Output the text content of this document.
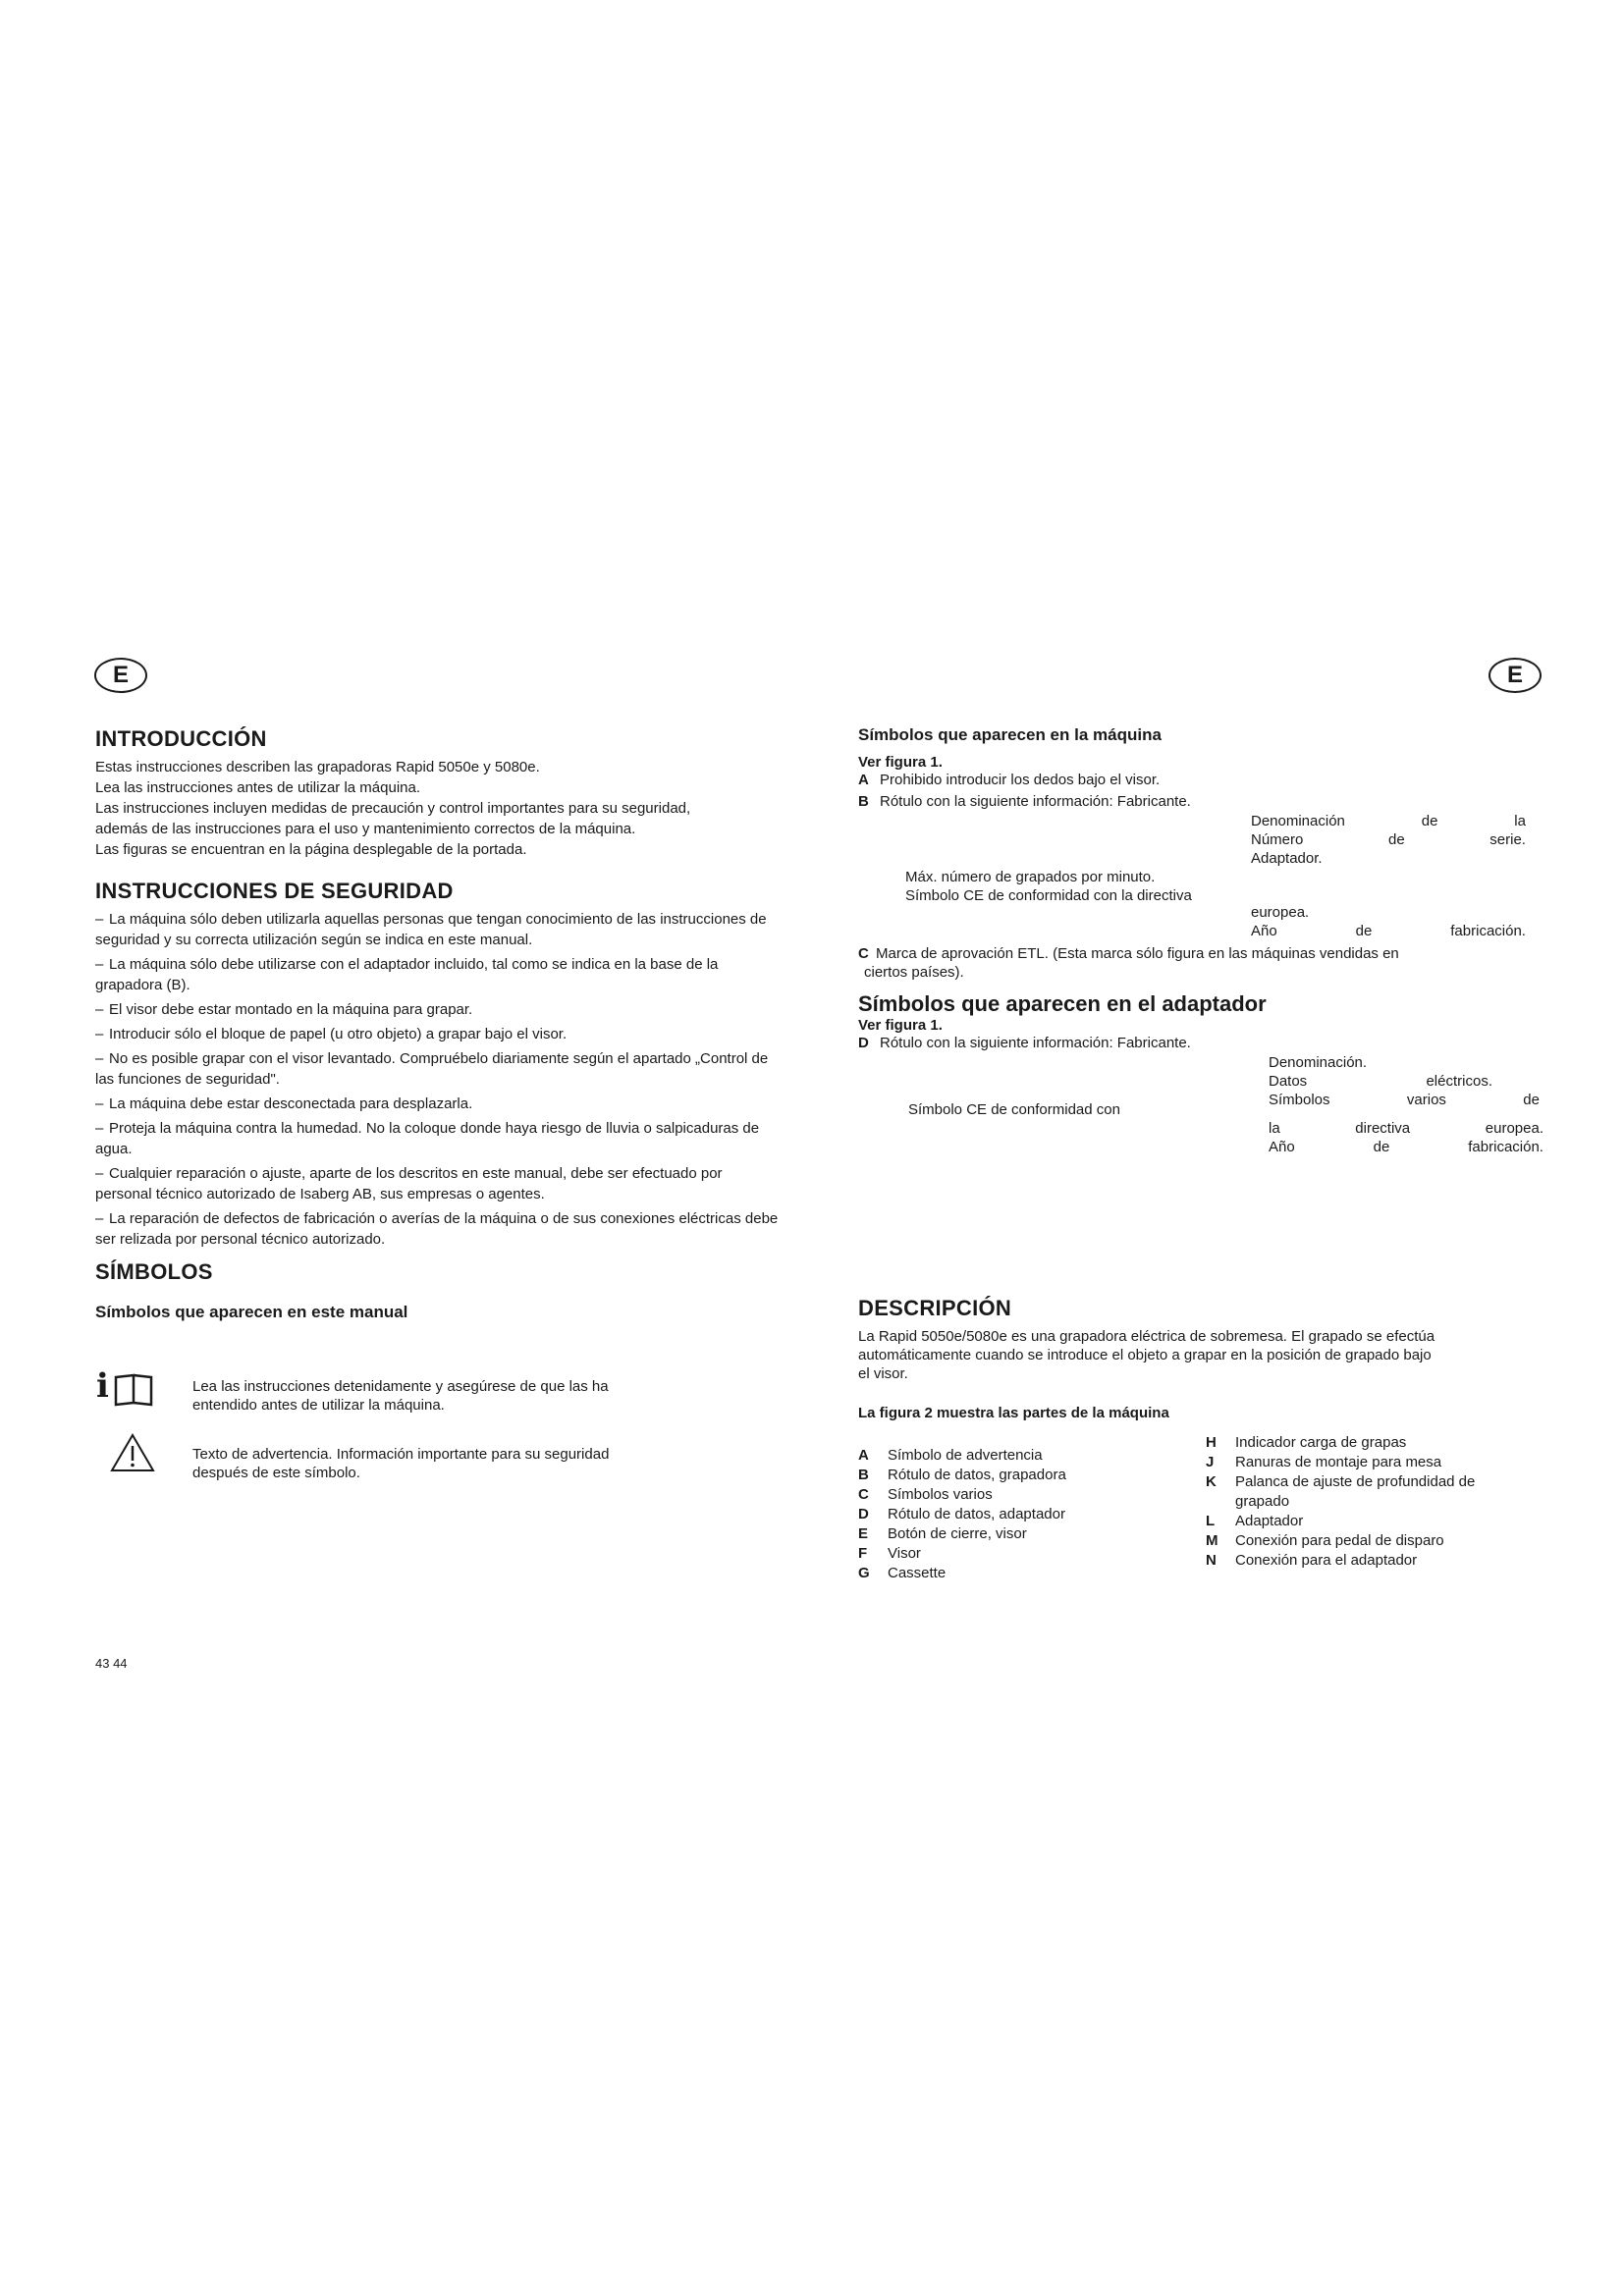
E	E
INTRODUCCIÓN

Estas instrucciones describen las grapadoras Rapid 5050e y 5080e.

Lea las instrucciones antes de utilizar la máquina.

Las instrucciones incluyen medidas de precaución y control importantes para su seguridad,

además de las instrucciones para el uso y mantenimiento correctos de la máquina.

Las figuras se encuentran en la página desplegable de la portada.

INSTRUCCIONES DE SEGURIDAD
– La máquina sólo deben utilizarla aquellas personas que tengan conocimiento de las instrucciones de seguridad y su correcta utilización según se indica en este manual.
– La máquina sólo debe utilizarse con el adaptador incluido, tal como se indica en la base de la grapadora (B).
– El visor debe estar montado en la máquina para grapar.
– Introducir sólo el bloque de papel (u otro objeto) a grapar bajo el visor.
– No es posible grapar con el visor levantado. Compruébelo diariamente según el apartado „Control de las funciones de seguridad".
– La máquina debe estar desconectada para desplazarla.
– Proteja la máquina contra la humedad. No la coloque donde haya riesgo de lluvia o salpicaduras de agua.
– Cualquier reparación o ajuste, aparte de los descritos en este manual, debe ser efectuado por personal técnico autorizado de Isaberg AB, sus empresas o agentes.
– La reparación de defectos de fabricación o averías de la máquina o de sus conexiones eléctricas debe ser relizada por personal técnico autorizado.
SÍMBOLOS
Símbolos que aparecen en este manual
i	Lea las instrucciones detenidamente y asegúrese de que las ha
entendido antes de utilizar la máquina.
Texto de advertencia. Información importante para su seguridad
después de este símbolo.
43 44
Símbolos que aparecen en la máquina
Ver figura 1.
A Prohibido introducir los dedos bajo el visor.
B Rótulo con la siguiente información: Fabricante.
Denominación	de	la
Número	de	serie.
Adaptador.
Máx. número de grapados por minuto.
Símbolo CE de conformidad con la directiva
europea.
Año	de	fabricación.
C Marca de aprovación ETL. (Esta marca sólo figura en las máquinas vendidas en
ciertos países).
Símbolos que aparecen en el adaptador
Ver figura 1.
D Rótulo con la siguiente información: Fabricante.
Denominación.
Datos	eléctricos.
Símbolos	varios	de
Símbolo CE de conformidad con
la	directiva	europea.
Año	de	fabricación.
DESCRIPCIÓN

La Rapid 5050e/5080e es una grapadora eléctrica de sobremesa. El grapado se efectúa

automáticamente cuando se introduce el objeto a grapar en la posición de grapado bajo

el visor.

La figura 2 muestra las partes de la máquina
A	Símbolo de advertencia
B	Rótulo de datos, grapadora
C	Símbolos varios
D	Rótulo de datos, adaptador
E	Botón de cierre, visor
F	Visor
G	Cassette
H	Indicador carga de grapas
J	Ranuras de montaje para mesa
K	Palanca de ajuste de profundidad de grapado
L	Adaptador
M	Conexión para pedal de disparo
N	Conexión para el adaptador
